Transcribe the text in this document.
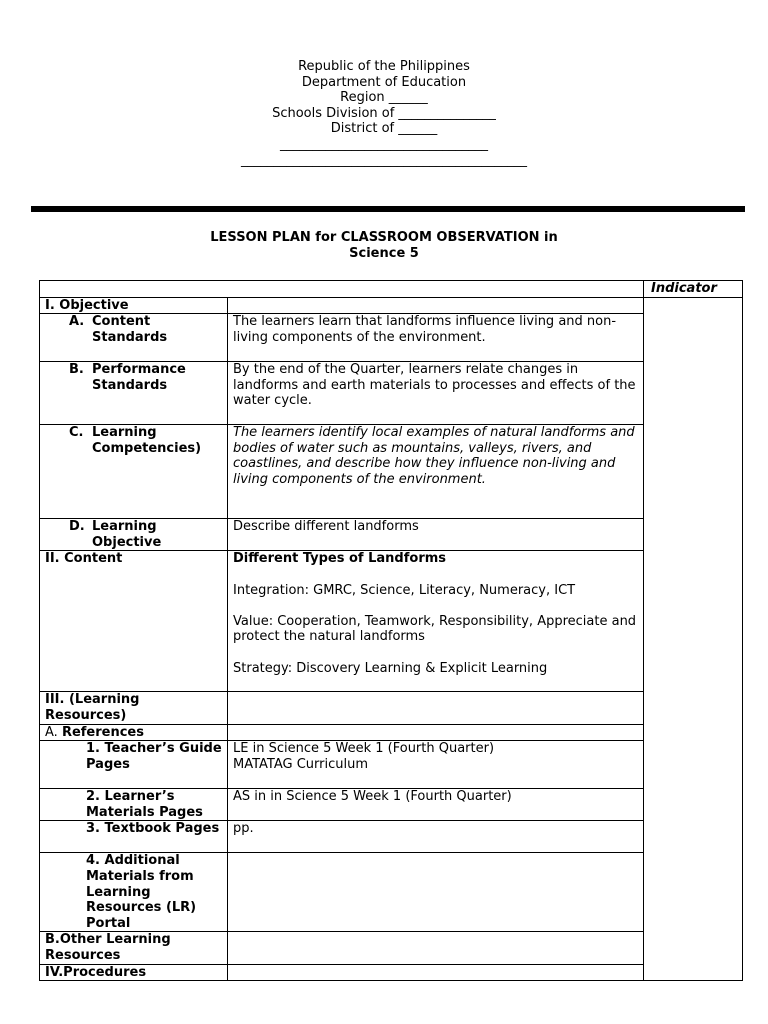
Republic of the Philippines
Department of Education
Region ______
Schools Division of _______________
District of ______
________________________________
____________________________________________
LESSON PLAN for CLASSROOM OBSERVATION in
Science 5
		Indicator
I. Objective		

A. Content Standards	The learners learn that landforms influence living and non-living components of the environment.	

B. Performance Standards	By the end of the Quarter, learners relate changes in landforms and earth materials to processes and effects of the water cycle.	

C. Learning Competencies)	The learners identify local examples of natural landforms and bodies of water such as mountains, valleys, rivers, and coastlines, and describe how they influence non-living and living components of the environment.	

D. Learning Objective	Describe different landforms	
II. Content	Different Types of Landforms
Integration: GMRC, Science, Literacy, Numeracy, ICT
Value: Cooperation, Teamwork, Responsibility, Appreciate and protect the natural landforms
Strategy: Discovery Learning & Explicit Learning	

III. (Learning Resources)		
A. References		

1. Teacher’s Guide Pages	LE in Science 5 Week 1 (Fourth Quarter)
MATATAG Curriculum	

2. Learner’s Materials Pages	AS in in Science 5 Week 1 (Fourth Quarter)	

3. Textbook Pages	pp.	

4. Additional Materials from Learning Resources (LR) Portal		

B.Other Learning Resources		
IV.Procedures		
